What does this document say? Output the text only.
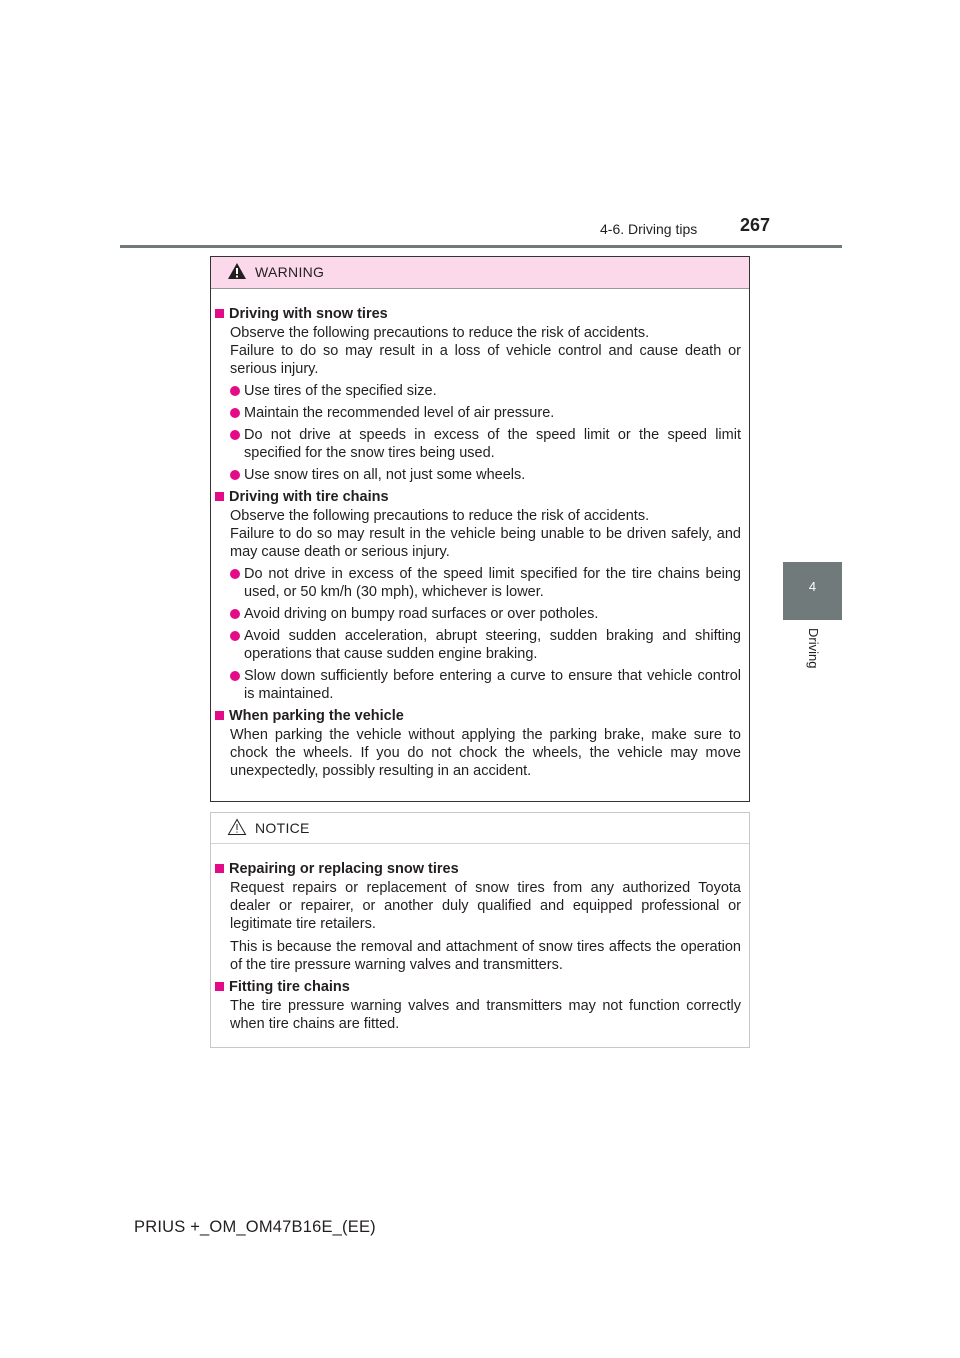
4-6. Driving tips 267
4
Driving
WARNING
Driving with snow tires
Observe the following precautions to reduce the risk of accidents.
Failure to do so may result in a loss of vehicle control and cause death or serious injury.
Use tires of the specified size.
Maintain the recommended level of air pressure.
Do not drive at speeds in excess of the speed limit or the speed limit specified for the snow tires being used.
Use snow tires on all, not just some wheels.
Driving with tire chains
Observe the following precautions to reduce the risk of accidents.
Failure to do so may result in the vehicle being unable to be driven safely, and may cause death or serious injury.
Do not drive in excess of the speed limit specified for the tire chains being used, or 50 km/h (30 mph), whichever is lower.
Avoid driving on bumpy road surfaces or over potholes.
Avoid sudden acceleration, abrupt steering, sudden braking and shifting operations that cause sudden engine braking.
Slow down sufficiently before entering a curve to ensure that vehicle control is maintained.
When parking the vehicle
When parking the vehicle without applying the parking brake, make sure to chock the wheels. If you do not chock the wheels, the vehicle may move unexpectedly, possibly resulting in an accident.
NOTICE
Repairing or replacing snow tires
Request repairs or replacement of snow tires from any authorized Toyota dealer or repairer, or another duly qualified and equipped professional or legitimate tire retailers.
This is because the removal and attachment of snow tires affects the operation of the tire pressure warning valves and transmitters.
Fitting tire chains
The tire pressure warning valves and transmitters may not function correctly when tire chains are fitted.
PRIUS +_OM_OM47B16E_(EE)
